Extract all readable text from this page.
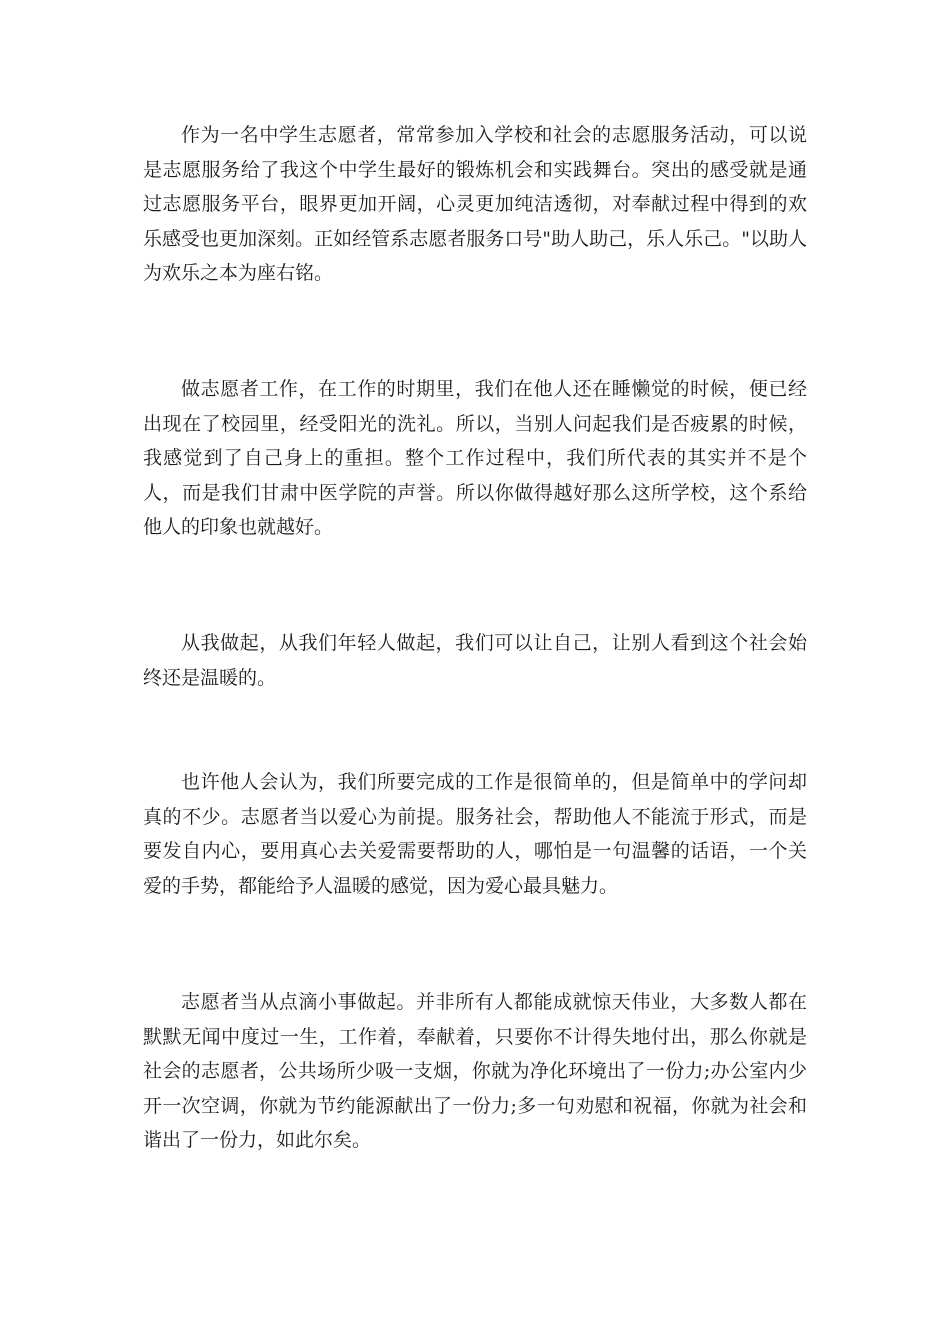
作为一名中学生志愿者，常常参加入学校和社会的志愿服务活动，可以说是志愿服务给了我这个中学生最好的锻炼机会和实践舞台。突出的感受就是通过志愿服务平台，眼界更加开阔，心灵更加纯洁透彻，对奉献过程中得到的欢乐感受也更加深刻。正如经管系志愿者服务口号"助人助己，乐人乐己。"以助人为欢乐之本为座右铭。

做志愿者工作，在工作的时期里，我们在他人还在睡懒觉的时候，便已经出现在了校园里，经受阳光的洗礼。所以，当别人问起我们是否疲累的时候，我感觉到了自己身上的重担。整个工作过程中，我们所代表的其实并不是个人，而是我们甘肃中医学院的声誉。所以你做得越好那么这所学校，这个系给他人的印象也就越好。

从我做起，从我们年轻人做起，我们可以让自己，让别人看到这个社会始终还是温暖的。

也许他人会认为，我们所要完成的工作是很简单的，但是简单中的学问却真的不少。志愿者当以爱心为前提。服务社会，帮助他人不能流于形式，而是要发自内心，要用真心去关爱需要帮助的人，哪怕是一句温馨的话语，一个关爱的手势，都能给予人温暖的感觉，因为爱心最具魅力。

志愿者当从点滴小事做起。并非所有人都能成就惊天伟业，大多数人都在默默无闻中度过一生，工作着，奉献着，只要你不计得失地付出，那么你就是社会的志愿者，公共场所少吸一支烟，你就为净化环境出了一份力;办公室内少开一次空调，你就为节约能源献出了一份力;多一句劝慰和祝福，你就为社会和谐出了一份力，如此尔矣。
